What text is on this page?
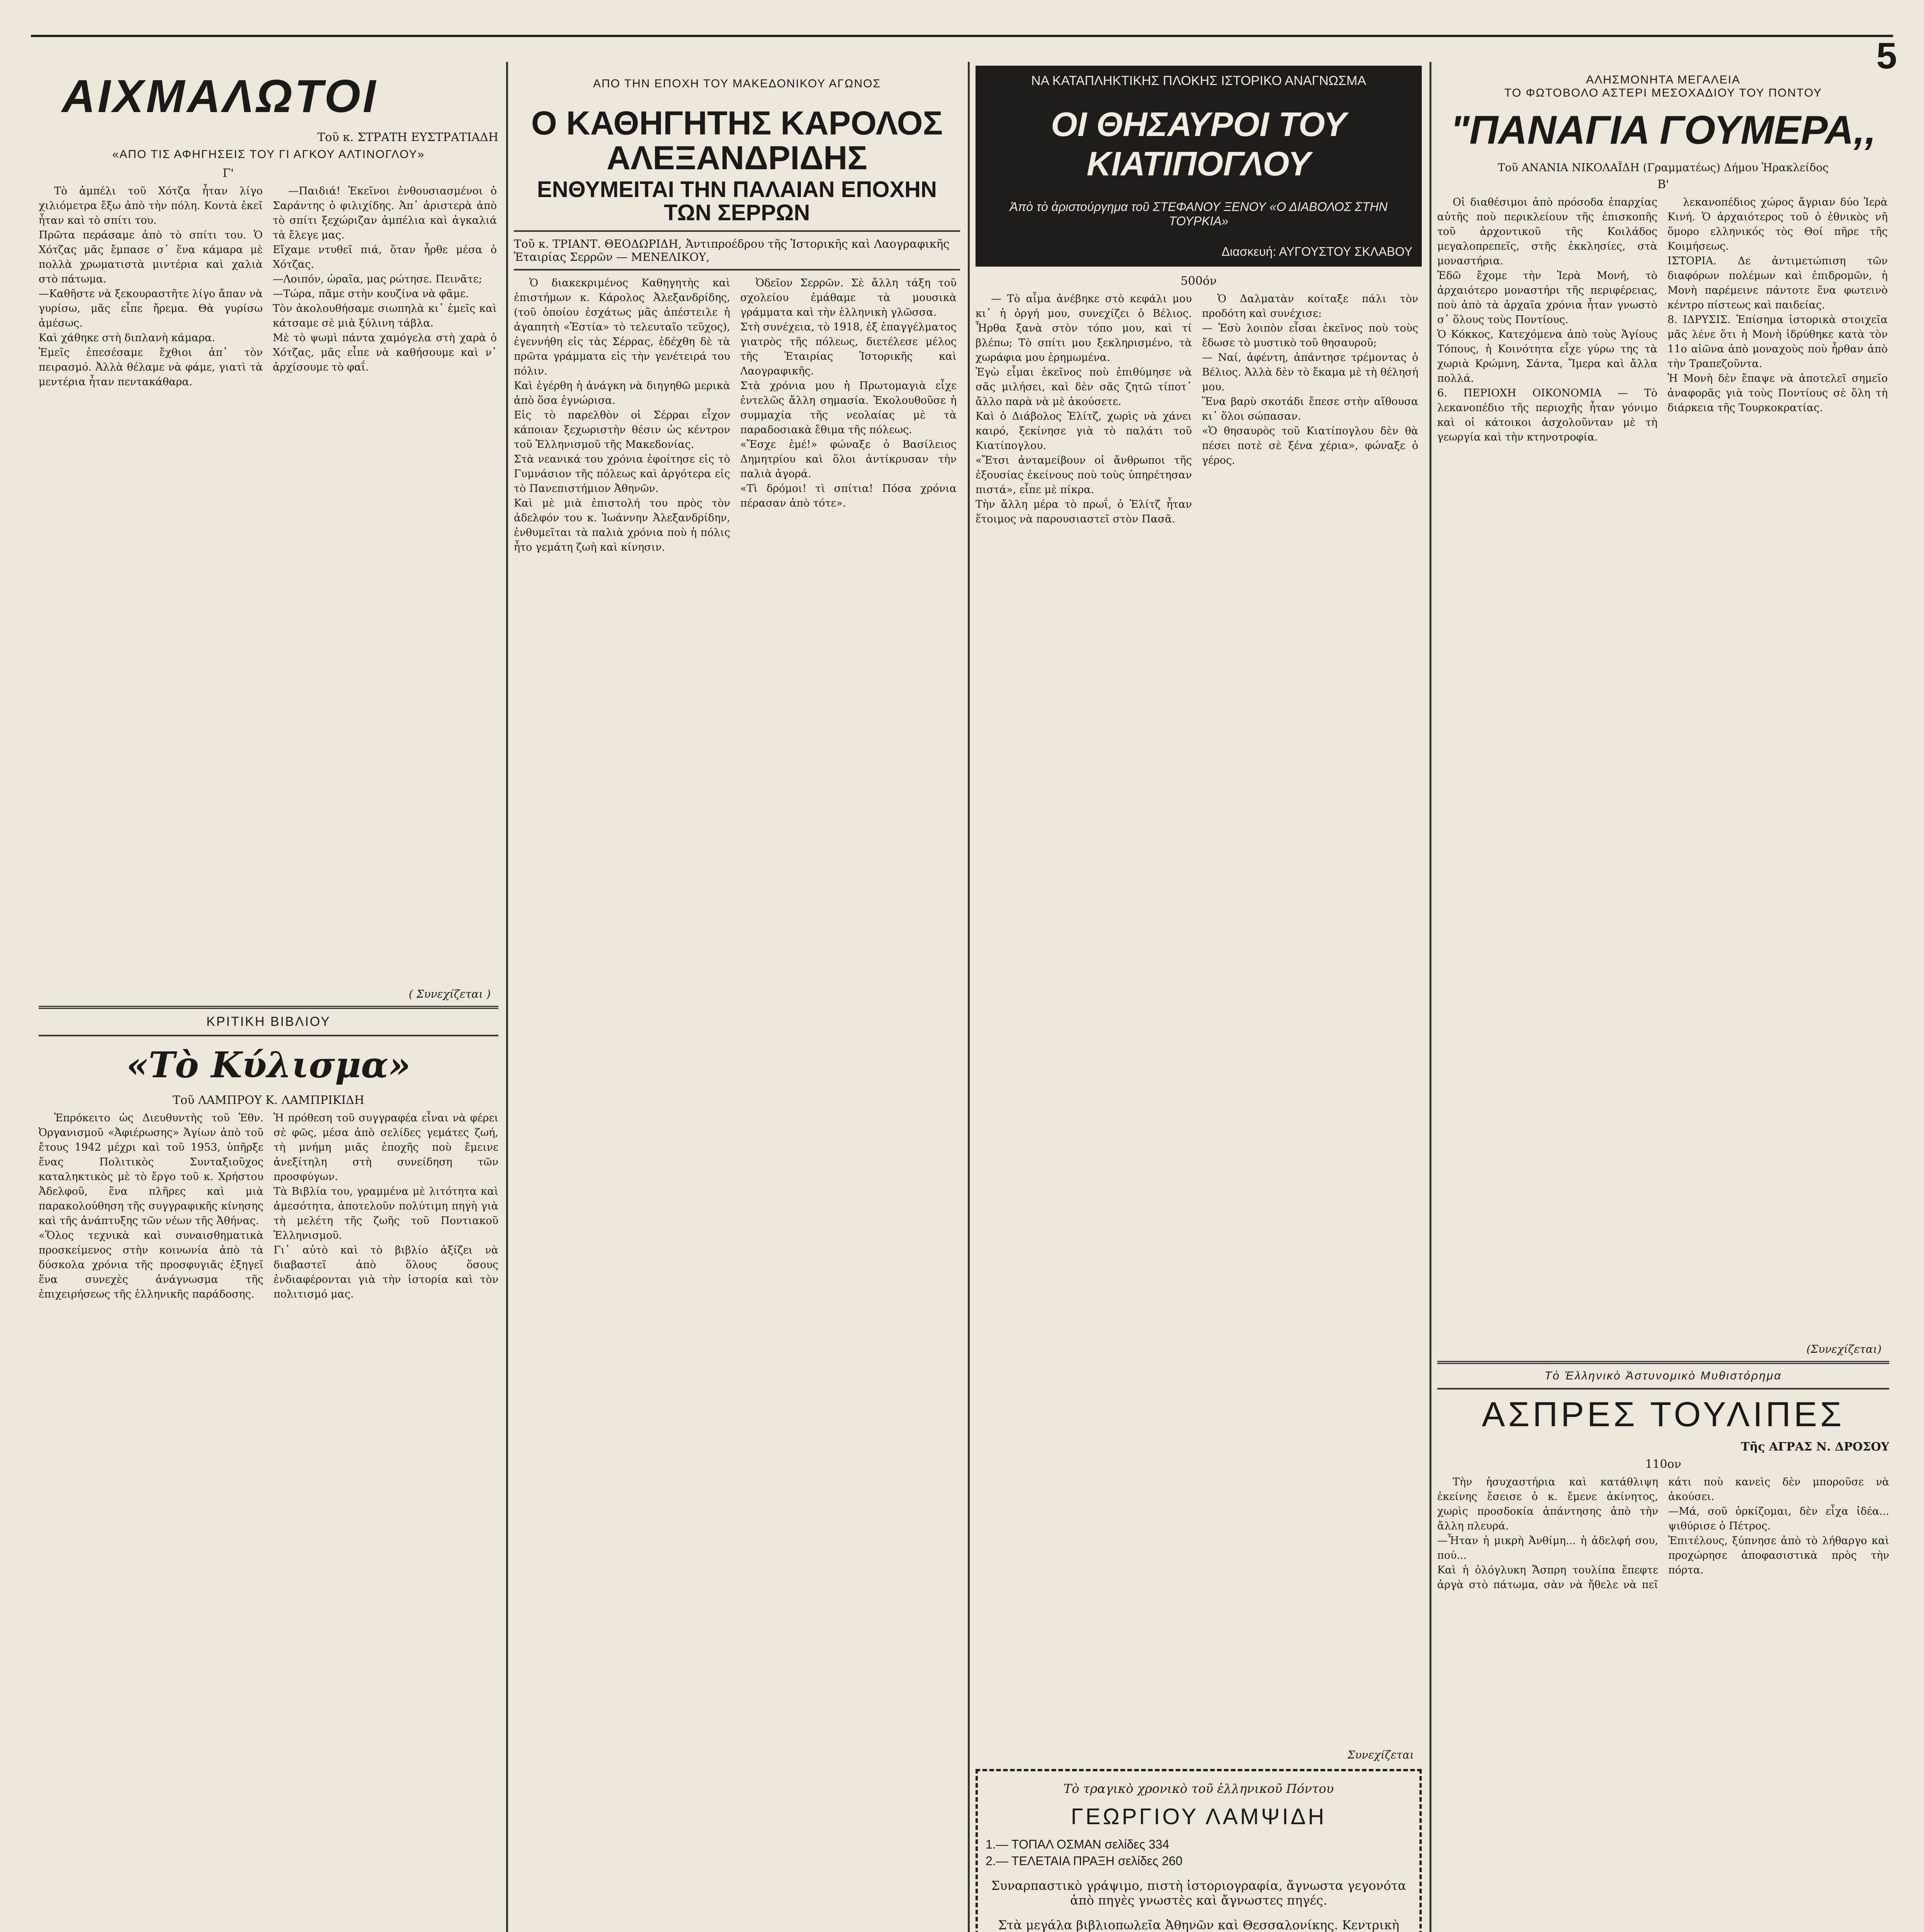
5
ΑΙΧΜΑΛΩΤΟΙ
Τοῦ κ. ΣΤΡΑΤΗ ΕΥΣΤΡΑΤΙΑΔΗ
«ΑΠΟ ΤΙΣ ΑΦΗΓΗΣΕΙΣ ΤΟΥ ΓΙ ΑΓΚΟΥ ΑΛΤΙΝΟΓΛΟΥ»
Γ'

Τὸ ἀμπέλι τοῦ Χότζα ἦταν λίγο χιλιόμετρα ἔξω ἀπὸ τὴν πόλη. Κοντὰ ἐκεῖ ἦταν καὶ τὸ σπίτι του.
Πρῶτα περάσαμε ἀπὸ τὸ σπίτι του. Ὁ Χότζας μᾶς ἔμπασε σ᾿ ἕνα κάμαρα μὲ πολλὰ χρωματιστὰ μιντέρια καὶ χαλιὰ στὸ πάτωμα.
—Καθῆστε νὰ ξεκουραστῆτε λίγο ἄπαν νὰ γυρίσω, μᾶς εἶπε ἤρεμα. Θὰ γυρίσω ἀμέσως.
Καὶ χάθηκε στὴ διπλανὴ κάμαρα.
Ἐμεῖς ἐπεσέσαμε ἔχθιοι ἀπ᾿ τὸν πειρασμό. Ἀλλὰ θέλαμε νὰ φάμε, γιατὶ τὰ μεντέρια ἦταν πεντακάθαρα.

—Παιδιά! Ἐκεῖνοι ἐνθουσιασμένοι ὁ Σαράντης ὁ φιλιχίδης. Ἀπ᾿ ἀριστερὰ ἀπὸ τὸ σπίτι ξεχώριζαν ἀμπέλια καὶ ἀγκαλιά τὰ ἔλεγε μας.
Εἴχαμε ντυθεῖ πιά, ὅταν ἦρθε μέσα ὁ Χότζας.
—Λοιπόν, ὡραῖα, μας ρώτησε. Πεινᾶτε;
—Τώρα, πᾶμε στὴν κουζίνα νὰ φᾶμε.
Τὸν ἀκολουθήσαμε σιωπηλὰ κι᾿ ἐμεῖς καὶ κάτσαμε σὲ μιὰ ξύλινη τάβλα.
Μὲ τὸ ψωμὶ πάντα χαμόγελα στὴ χαρὰ ὁ Χότζας, μᾶς εἶπε νὰ καθήσουμε καὶ ν᾿ ἀρχίσουμε τὸ φαΐ.

( Συνεχίζεται )
ΚΡΙΤΙΚΗ ΒΙΒΛΙΟΥ
«Τὸ Κύλισμα»
Τοῦ ΛΑΜΠΡΟΥ Κ. ΛΑΜΠΡΙΚΙΔΗ

Ἐπρόκειτο ὡς Διευθυντὴς τοῦ Ἐθν. Ὀργανισμοῦ «Ἀφιέρωσης» Ἁγίων ἀπὸ τοῦ ἔτους 1942 μέχρι καὶ τοῦ 1953, ὑπῆρξε ἕνας Πολιτικὸς Συνταξιοῦχος καταληκτικὸς μὲ τὸ ἔργο τοῦ κ. Χρήστου Ἀδελφοῦ, ἕνα πλῆρες καὶ μιὰ παρακολούθηση τῆς συγγραφικῆς κίνησης καὶ τῆς ἀνάπτυξης τῶν νέων τῆς Ἀθήνας.
«Ὅλος τεχνικὰ καὶ συναισθηματικὰ προσκείμενος στὴν κοινωνία ἀπὸ τὰ δύσκολα χρόνια τῆς προσφυγιᾶς ἐξηγεῖ ἕνα συνεχὲς ἀνάγνωσμα τῆς ἐπιχειρήσεως τῆς ἑλληνικῆς παράδοσης.
Ἡ πρόθεση τοῦ συγγραφέα εἶναι νὰ φέρει σὲ φῶς, μέσα ἀπὸ σελίδες γεμάτες ζωή, τὴ μνήμη μιᾶς ἐποχῆς ποὺ ἔμεινε ἀνεξίτηλη στὴ συνείδηση τῶν προσφύγων.
Τὰ Βιβλία του, γραμμένα μὲ λιτότητα καὶ ἀμεσότητα, ἀποτελοῦν πολύτιμη πηγὴ γιὰ τὴ μελέτη τῆς ζωῆς τοῦ Ποντιακοῦ Ἑλληνισμοῦ.
Γι᾿ αὐτὸ καὶ τὸ βιβλίο ἀξίζει νὰ διαβαστεῖ ἀπὸ ὅλους ὅσους ἐνδιαφέρονται γιὰ τὴν ἱστορία καὶ τὸν πολιτισμό μας.

ΑΠΟ ΤΗΝ ΕΠΟΧΗ ΤΟΥ ΜΑΚΕΔΟΝΙΚΟΥ ΑΓΩΝΟΣ
Ο ΚΑΘΗΓΗΤΗΣ ΚΑΡΟΛΟΣ ΑΛΕΞΑΝΔΡΙΔΗΣ
ΕΝΘΥΜΕΙΤΑΙ ΤΗΝ ΠΑΛΑΙΑΝ ΕΠΟΧΗΝ ΤΩΝ ΣΕΡΡΩΝ
Τοῦ κ. ΤΡΙΑΝΤ. ΘΕΟΔΩΡΙΔΗ, Ἀντιπροέδρου τῆς Ἱστορικῆς καὶ Λαογραφικῆς Ἑταιρίας Σερρῶν — ΜΕΝΕΛΙΚΟΥ,

Ὁ διακεκριμένος Καθηγητὴς καὶ ἐπιστήμων κ. Κάρολος Ἀλεξανδρίδης, (τοῦ ὁποίου ἐσχάτως μᾶς ἀπέστειλε ἡ ἀγαπητὴ «Ἑστία» τὸ τελευταῖο τεῦχος), ἐγεννήθη εἰς τὰς Σέρρας, ἐδέχθη δὲ τὰ πρῶτα γράμματα εἰς τὴν γενέτειρά του πόλιν.
Καὶ ἐγέρθη ἡ ἀνάγκη νὰ διηγηθῶ μερικὰ ἀπὸ ὅσα ἐγνώρισα.
Εἰς τὸ παρελθὸν οἱ Σέρραι εἶχον κάποιαν ξεχωριστὴν θέσιν ὡς κέντρον τοῦ Ἑλληνισμοῦ τῆς Μακεδονίας.
Στὰ νεανικά του χρόνια ἐφοίτησε εἰς τὸ Γυμνάσιον τῆς πόλεως καὶ ἀργότερα εἰς τὸ Πανεπιστήμιον Ἀθηνῶν.
Καὶ μὲ μιὰ ἐπιστολή του πρὸς τὸν ἀδελφόν του κ. Ἰωάννην Ἀλεξανδρίδην, ἐνθυμεῖται τὰ παλιὰ χρόνια ποὺ ἡ πόλις ἦτο γεμάτη ζωὴ καὶ κίνησιν.

Ὀδεῖον Σερρῶν. Σὲ ἄλλη τάξη τοῦ σχολείου ἐμάθαμε τὰ μουσικὰ γράμματα καὶ τὴν ἑλληνικὴ γλῶσσα.
Στὴ συνέχεια, τὸ 1918, ἐξ ἐπαγγέλματος γιατρὸς τῆς πόλεως, διετέλεσε μέλος τῆς Ἑταιρίας Ἱστορικῆς καὶ Λαογραφικῆς.
Στὰ χρόνια μου ἡ Πρωτομαγιὰ εἶχε ἐντελῶς ἄλλη σημασία. Ἐκολουθοῦσε ἡ συμμαχία τῆς νεολαίας μὲ τὰ παραδοσιακὰ ἔθιμα τῆς πόλεως.
«Ἔσχε ἐμέ!» φώναξε ὁ Βασίλειος Δημητρίου καὶ ὅλοι ἀντίκρυσαν τὴν παλιὰ ἀγορά.
«Τὶ δρόμοι! τὶ σπίτια! Πόσα χρόνια πέρασαν ἀπὸ τότε».

ΝΑ ΚΑΤΑΠΛΗΚΤΙΚΗΣ ΠΛΟΚΗΣ ΙΣΤΟΡΙΚΟ ΑΝΑΓΝΩΣΜΑ
ΟΙ ΘΗΣΑΥΡΟΙ ΤΟΥ ΚΙΑΤΙΠΟΓΛΟΥ
Ἀπὸ τὸ ἀριστούργημα τοῦ ΣΤΕΦΑΝΟΥ ΞΕΝΟΥ «Ο ΔΙΑΒΟΛΟΣ ΣΤΗΝ ΤΟΥΡΚΙΑ»
Διασκευή: ΑΥΓΟΥΣΤΟΥ ΣΚΛΑΒΟΥ
500όν

— Τὸ αἷμα ἀνέβηκε στὸ κεφάλι μου κι᾿ ἡ ὀργή μου, συνεχίζει ὁ Βέλιος. Ἦρθα ξανὰ στὸν τόπο μου, καὶ τί βλέπω; Τὸ σπίτι μου ξεκληρισμένο, τὰ χωράφια μου ἐρημωμένα.
Ἐγὼ εἶμαι ἐκεῖνος ποὺ ἐπιθύμησε νὰ σᾶς μιλήσει, καὶ δὲν σᾶς ζητῶ τίποτ᾿ ἄλλο παρὰ νὰ μὲ ἀκούσετε.
Καὶ ὁ Διάβολος Ἐλίτζ, χωρὶς νὰ χάνει καιρό, ξεκίνησε γιὰ τὸ παλάτι τοῦ Κιατίπογλου.
«Ἔτσι ἀνταμείβουν οἱ ἄνθρωποι τῆς ἐξουσίας ἐκείνους ποὺ τοὺς ὑπηρέτησαν πιστά», εἶπε μὲ πίκρα.
Τὴν ἄλλη μέρα τὸ πρωΐ, ὁ Ἐλίτζ ἦταν ἕτοιμος νὰ παρουσιαστεῖ στὸν Πασᾶ.

Ὁ Δαλματὰν κοίταξε πάλι τὸν προδότη καὶ συνέχισε:
— Ἐσὺ λοιπὸν εἶσαι ἐκεῖνος ποὺ τοὺς ἔδωσε τὸ μυστικὸ τοῦ θησαυροῦ;
— Ναί, ἀφέντη, ἀπάντησε τρέμοντας ὁ Βέλιος. Ἀλλὰ δὲν τὸ ἔκαμα μὲ τὴ θέλησή μου.
Ἕνα βαρὺ σκοτάδι ἔπεσε στὴν αἴθουσα κι᾿ ὅλοι σώπασαν.
«Ὁ θησαυρὸς τοῦ Κιατίπογλου δὲν θὰ πέσει ποτὲ σὲ ξένα χέρια», φώναξε ὁ γέρος.

Συνεχίζεται
Τὸ τραγικὸ χρονικὸ τοῦ ἑλληνικοῦ Πόντου
ΓΕΩΡΓΙΟΥ ΛΑΜΨΙΔΗ
1.— ΤΟΠΑΛ ΟΣΜΑΝ σελίδες 334
2.— ΤΕΛΕΤΑΙΑ ΠΡΑΞΗ σελίδες 260
Συναρπαστικὸ γράψιμο, πιστὴ ἱστοριογραφία, ἄγνωστα γεγονότα ἀπὸ πηγὲς γνωστὲς καὶ ἄγνωστες πηγές.
Στὰ μεγάλα βιβλιοπωλεῖα Ἀθηνῶν καὶ Θεσσαλονίκης. Κεντρικὴ
ΑΛΗΣΜΟΝΗΤΑ ΜΕΓΑΛΕΙΑ
ΤΟ ΦΩΤΟΒΟΛΟ ΑΣΤΕΡΙ ΜΕΣΟΧΑΔΙΟΥ ΤΟΥ ΠΟΝΤΟΥ
"ΠΑΝΑΓΙΑ ΓΟΥΜΕΡΑ,,
Τοῦ ΑΝΑΝΙΑ ΝΙΚΟΛΑΪΔΗ (Γραμματέως) Δήμου Ἡρακλείδος
Β'

Οἱ διαθέσιμοι ἀπὸ πρόσοδα ἐπαρχίας αὐτῆς ποὺ περικλείουν τῆς ἐπισκοπῆς τοῦ ἀρχοντικοῦ τῆς Κοιλάδος μεγαλοπρεπεῖς, στῆς ἐκκλησίες, στὰ μοναστήρια.
Ἐδῶ ἔχομε τὴν Ἱερὰ Μονή, τὸ ἀρχαιότερο μοναστήρι τῆς περιφέρειας, ποὺ ἀπὸ τὰ ἀρχαῖα χρόνια ἦταν γνωστὸ σ᾿ ὅλους τοὺς Ποντίους.
Ὁ Κόκκος, Κατεχόμενα ἀπὸ τοὺς Ἁγίους Τόπους, ἡ Κοινότητα εἶχε γύρω της τὰ χωριὰ Κρώμνη, Σάντα, Ἴμερα καὶ ἄλλα πολλά.
6. ΠΕΡΙΟΧΗ ΟΙΚΟΝΟΜΙΑ — Τὸ λεκανοπέδιο τῆς περιοχῆς ἦταν γόνιμο καὶ οἱ κάτοικοι ἀσχολοῦνταν μὲ τὴ γεωργία καὶ τὴν κτηνοτροφία.

λεκανοπέδιος χώρος ἄγριαν δύο Ἱερὰ Κινή. Ὁ ἀρχαιότερος τοῦ ὁ ἐθνικὸς νῆ ὅμορο ελληνικός τὸς Θοί πῆρε τῆς Κοιμήσεως.
ΙΣΤΟΡΙΑ. Δε ἀντιμετώπιση τῶν διαφόρων πολέμων καὶ ἐπιδρομῶν, ἡ Μονὴ παρέμεινε πάντοτε ἕνα φωτεινὸ κέντρο πίστεως καὶ παιδείας.
8. ΙΔΡΥΣΙΣ. Ἐπίσημα ἱστορικὰ στοιχεῖα μᾶς λένε ὅτι ἡ Μονὴ ἱδρύθηκε κατὰ τὸν 11ο αἰῶνα ἀπὸ μοναχοὺς ποὺ ἦρθαν ἀπὸ τὴν Τραπεζοῦντα.
Ἡ Μονὴ δὲν ἔπαψε νὰ ἀποτελεῖ σημεῖο ἀναφορᾶς γιὰ τοὺς Ποντίους σὲ ὅλη τὴ διάρκεια τῆς Τουρκοκρατίας.

(Συνεχίζεται)
Τὸ Ἑλληνικὸ Ἀστυνομικὸ Μυθιστόρημα
ΑΣΠΡΕΣ ΤΟΥΛΙΠΕΣ
Τῆς ΑΓΡΑΣ Ν. ΔΡΟΣΟΥ
110ον

Τὴν ἡσυχαστήρια καὶ κατάθλιψη ἐκείνης ἔσεισε ὁ κ. ἔμενε ἀκίνητος, χωρὶς προσδοκία ἀπάντησης ἀπὸ τὴν ἄλλη πλευρά.
—Ἦταν ἡ μικρὴ Ἀνθίμη... ἡ ἀδελφή σου, πού...
Καὶ ἡ ὁλόγλυκη Ἄσπρη τουλίπα ἔπεφτε ἀργὰ στὸ πάτωμα, σὰν νὰ ἤθελε νὰ πεῖ κάτι ποὺ κανεὶς δὲν μποροῦσε νὰ ἀκούσει.
—Μά, σοῦ ὁρκίζομαι, δὲν εἶχα ἰδέα... ψιθύρισε ὁ Πέτρος.
Ἐπιτέλους, ξύπνησε ἀπὸ τὸ λήθαργο καὶ προχώρησε ἀποφασιστικὰ πρὸς τὴν πόρτα.
